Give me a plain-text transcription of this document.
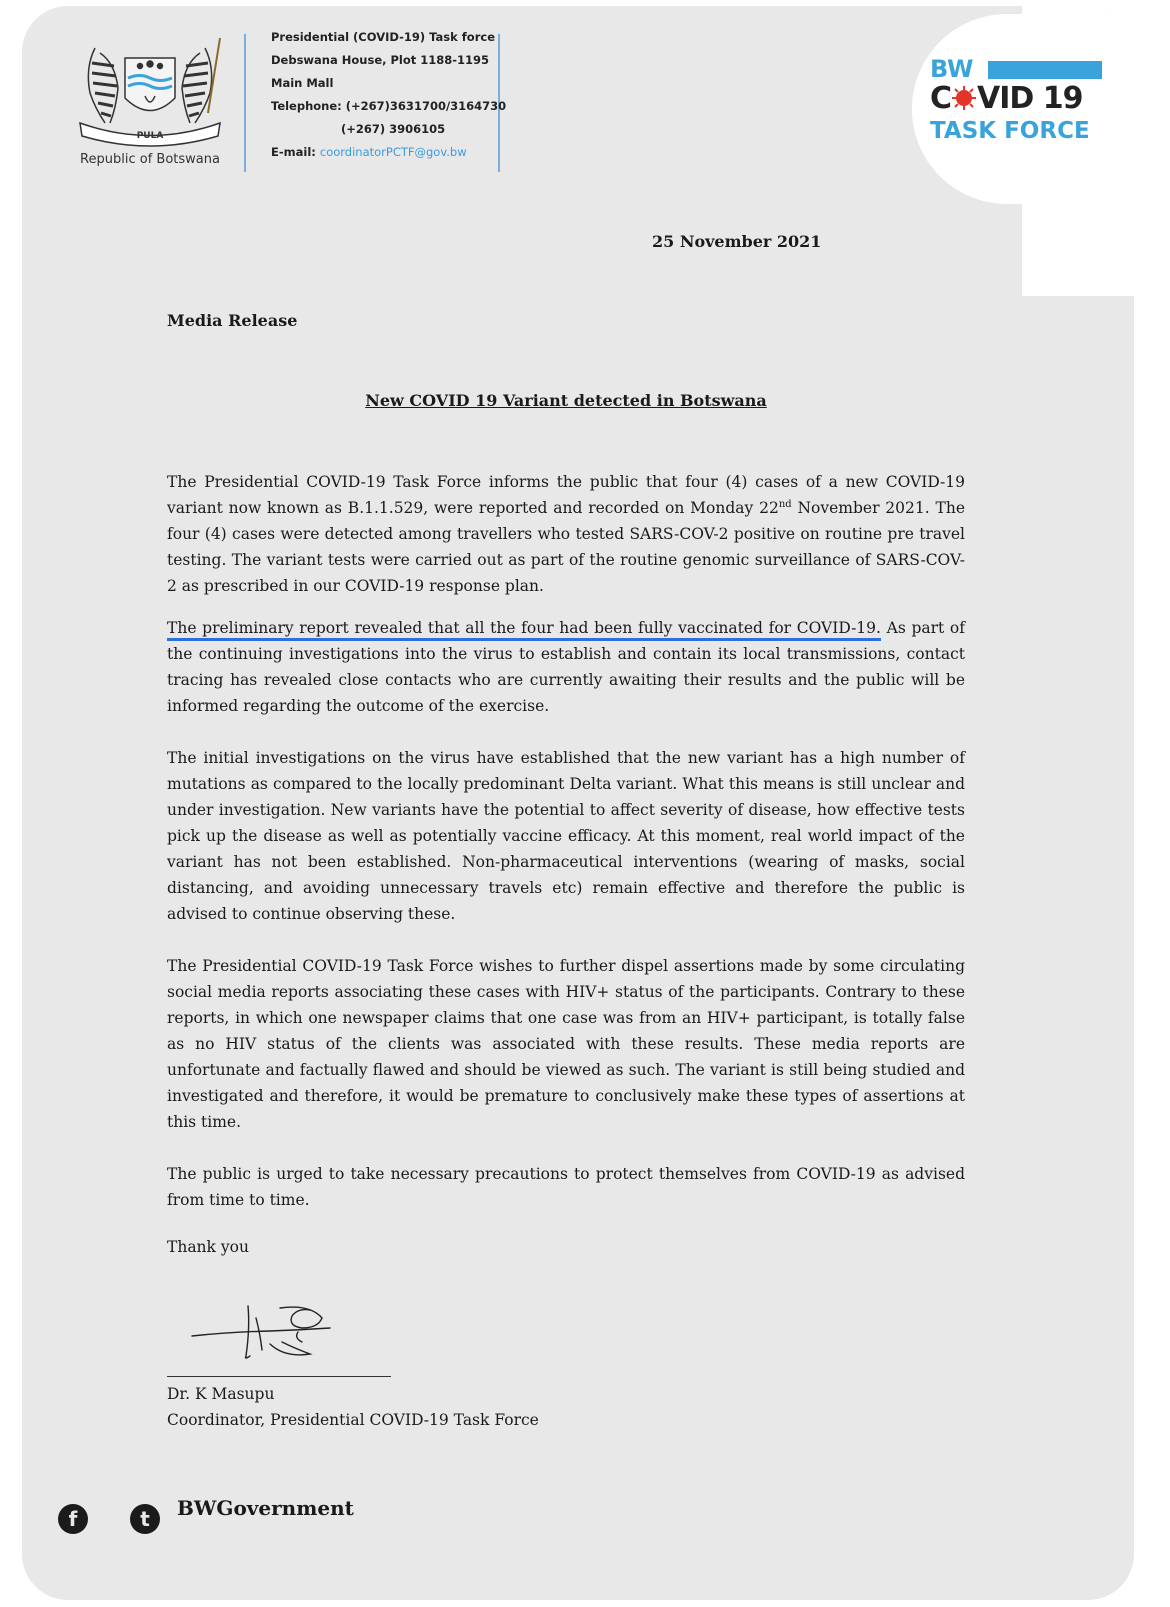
PULA
Republic of Botswana
Presidential (COVID-19) Task force
Debswana House, Plot 1188-1195
Main Mall
Telephone: (+267)3631700/3164730
(+267) 3906105
E-mail: coordinatorPCTF@gov.bw
BW
C VID 19
TASK FORCE
25 November 2021
Media Release
New COVID 19 Variant detected in Botswana

The Presidential COVID-19 Task Force informs the public that four (4) cases of a new COVID-19 variant now known as B.1.1.529, were reported and recorded on Monday 22nd November 2021. The four (4) cases were detected among travellers who tested SARS-COV-2 positive on routine pre travel testing. The variant tests were carried out as part of the routine genomic surveillance of SARS-COV-2 as prescribed in our COVID-19 response plan.

The preliminary report revealed that all the four had been fully vaccinated for COVID-19. As part of the continuing investigations into the virus to establish and contain its local transmissions, contact tracing has revealed close contacts who are currently awaiting their results and the public will be informed regarding the outcome of the exercise.

The initial investigations on the virus have established that the new variant has a high number of mutations as compared to the locally predominant Delta variant. What this means is still unclear and under investigation. New variants have the potential to affect severity of disease, how effective tests pick up the disease as well as potentially vaccine efficacy. At this moment, real world impact of the variant has not been established. Non-pharmaceutical interventions (wearing of masks, social distancing, and avoiding unnecessary travels etc) remain effective and therefore the public is advised to continue observing these.

The Presidential COVID-19 Task Force wishes to further dispel assertions made by some circulating social media reports associating these cases with HIV+ status of the participants. Contrary to these reports, in which one newspaper claims that one case was from an HIV+ participant, is totally false as no HIV status of the clients was associated with these results. These media reports are unfortunate and factually flawed and should be viewed as such. The variant is still being studied and investigated and therefore, it would be premature to conclusively make these types of assertions at this time.

The public is urged to take necessary precautions to protect themselves from COVID-19 as advised from time to time.

Thank you
Dr. K Masupu
Coordinator, Presidential COVID-19 Task Force
f	t	BWGovernment
